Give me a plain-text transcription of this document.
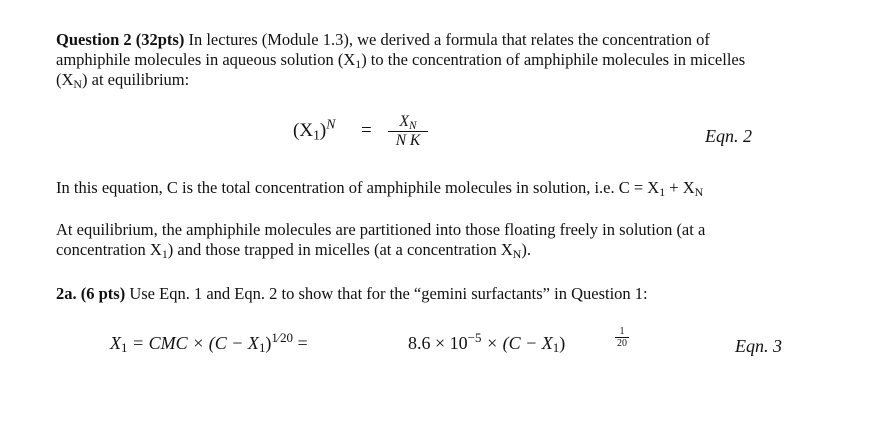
Question 2 (32pts) In lectures (Module 1.3), we derived a formula that relates the concentration of
amphiphile molecules in aqueous solution $(X_1)$ to the concentration of amphiphile molecules in micelles
$(X_N)$ at equilibrium:
$(X_1)^N$ =	$X_N$
N K	Eqn. 2
In this equation, C is the total concentration of amphiphile molecules in solution, i.e. $C = X_1 + X_N$
At equilibrium, the amphiphile molecules are partitioned into those floating freely in solution (at a
concentration $X_1$) and those trapped in micelles (at a concentration $X_N$).
2a. (6 pts) Use Eqn. 1 and Eqn. 2 to show that for the “gemini surfactants” in Question 1:
$X_1$ = CMC × $(C - X_1)^{1⁄20}$ =	$8.6 \times 10^{-5} \times (C - X_1)$
1
20	Eqn. 3
